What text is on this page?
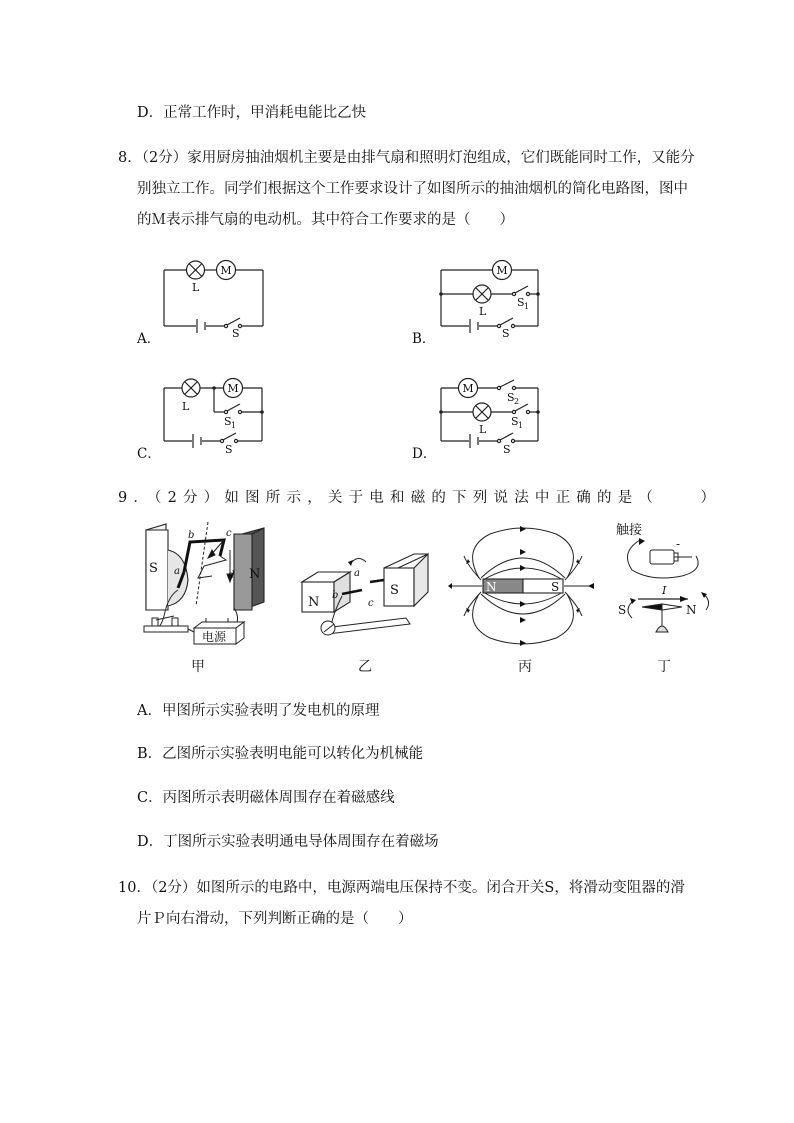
D．正常工作时，甲消耗电能比乙快
8．（2分）家用厨房抽油烟机主要是由排气扇和照明灯泡组成，它们既能同时工作，又能分
别独立工作。同学们根据这个工作要求设计了如图所示的抽油烟机的简化电路图，图中
的Ｍ表示排气扇的电动机。其中符合工作要求的是（　　）
A．	B．
C．	D．
M
L
S
M
L
S 1
S
L
M
S 1
S
M
S 2
L
S 1
S
9．（2分）如图所示，关于电和磁的下列说法中正确的是（　　）
S	N
b
a
c
d
电源
N
S
a
b
c
N	S
触接
-
I
S	N
甲	乙	丙	丁
A．甲图所示实验表明了发电机的原理
B．乙图所示实验表明电能可以转化为机械能
C．丙图所示表明磁体周围存在着磁感线
D．丁图所示实验表明通电导体周围存在着磁场
10．（2分）如图所示的电路中，电源两端电压保持不变。闭合开关S，将滑动变阻器的滑
片Ｐ向右滑动，下列判断正确的是（　　）
